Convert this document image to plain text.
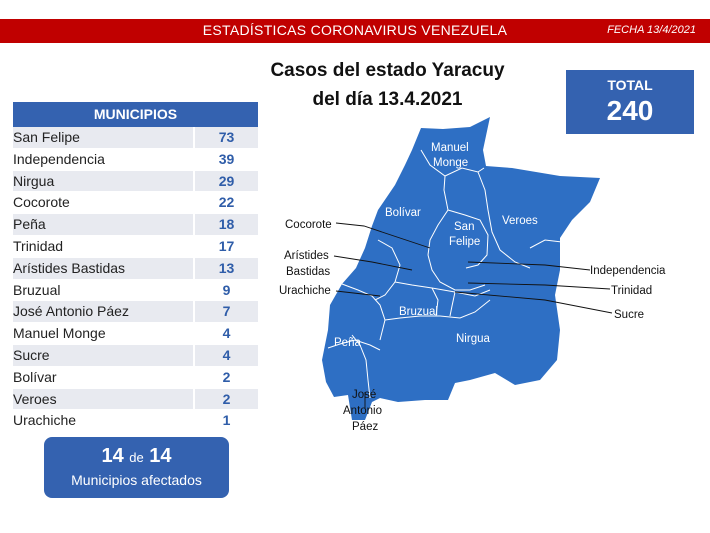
ESTADÍSTICAS CORONAVIRUS VENEZUELA	FECHA 13/4/2021
Casos del estado Yaracuy
del día 13.4.2021
TOTAL
240
MUNICIPIOS
San Felipe	73
Independencia	39
Nirgua	29
Cocorote	22
Peña	18
Trinidad	17
Arístides Bastidas	13
Bruzual	9
José Antonio Páez	7
Manuel Monge	4
Sucre	4
Bolívar	2
Veroes	2
Urachiche	1
14 de 14
Municipios afectados
Manuel
Monge
Bolívar
San
Felipe
Veroes
Bruzual
Nirgua
Peña
Cocorote
Arístides
Bastidas
Urachiche
Independencia
Trinidad
Sucre
José
Antonio
Páez
